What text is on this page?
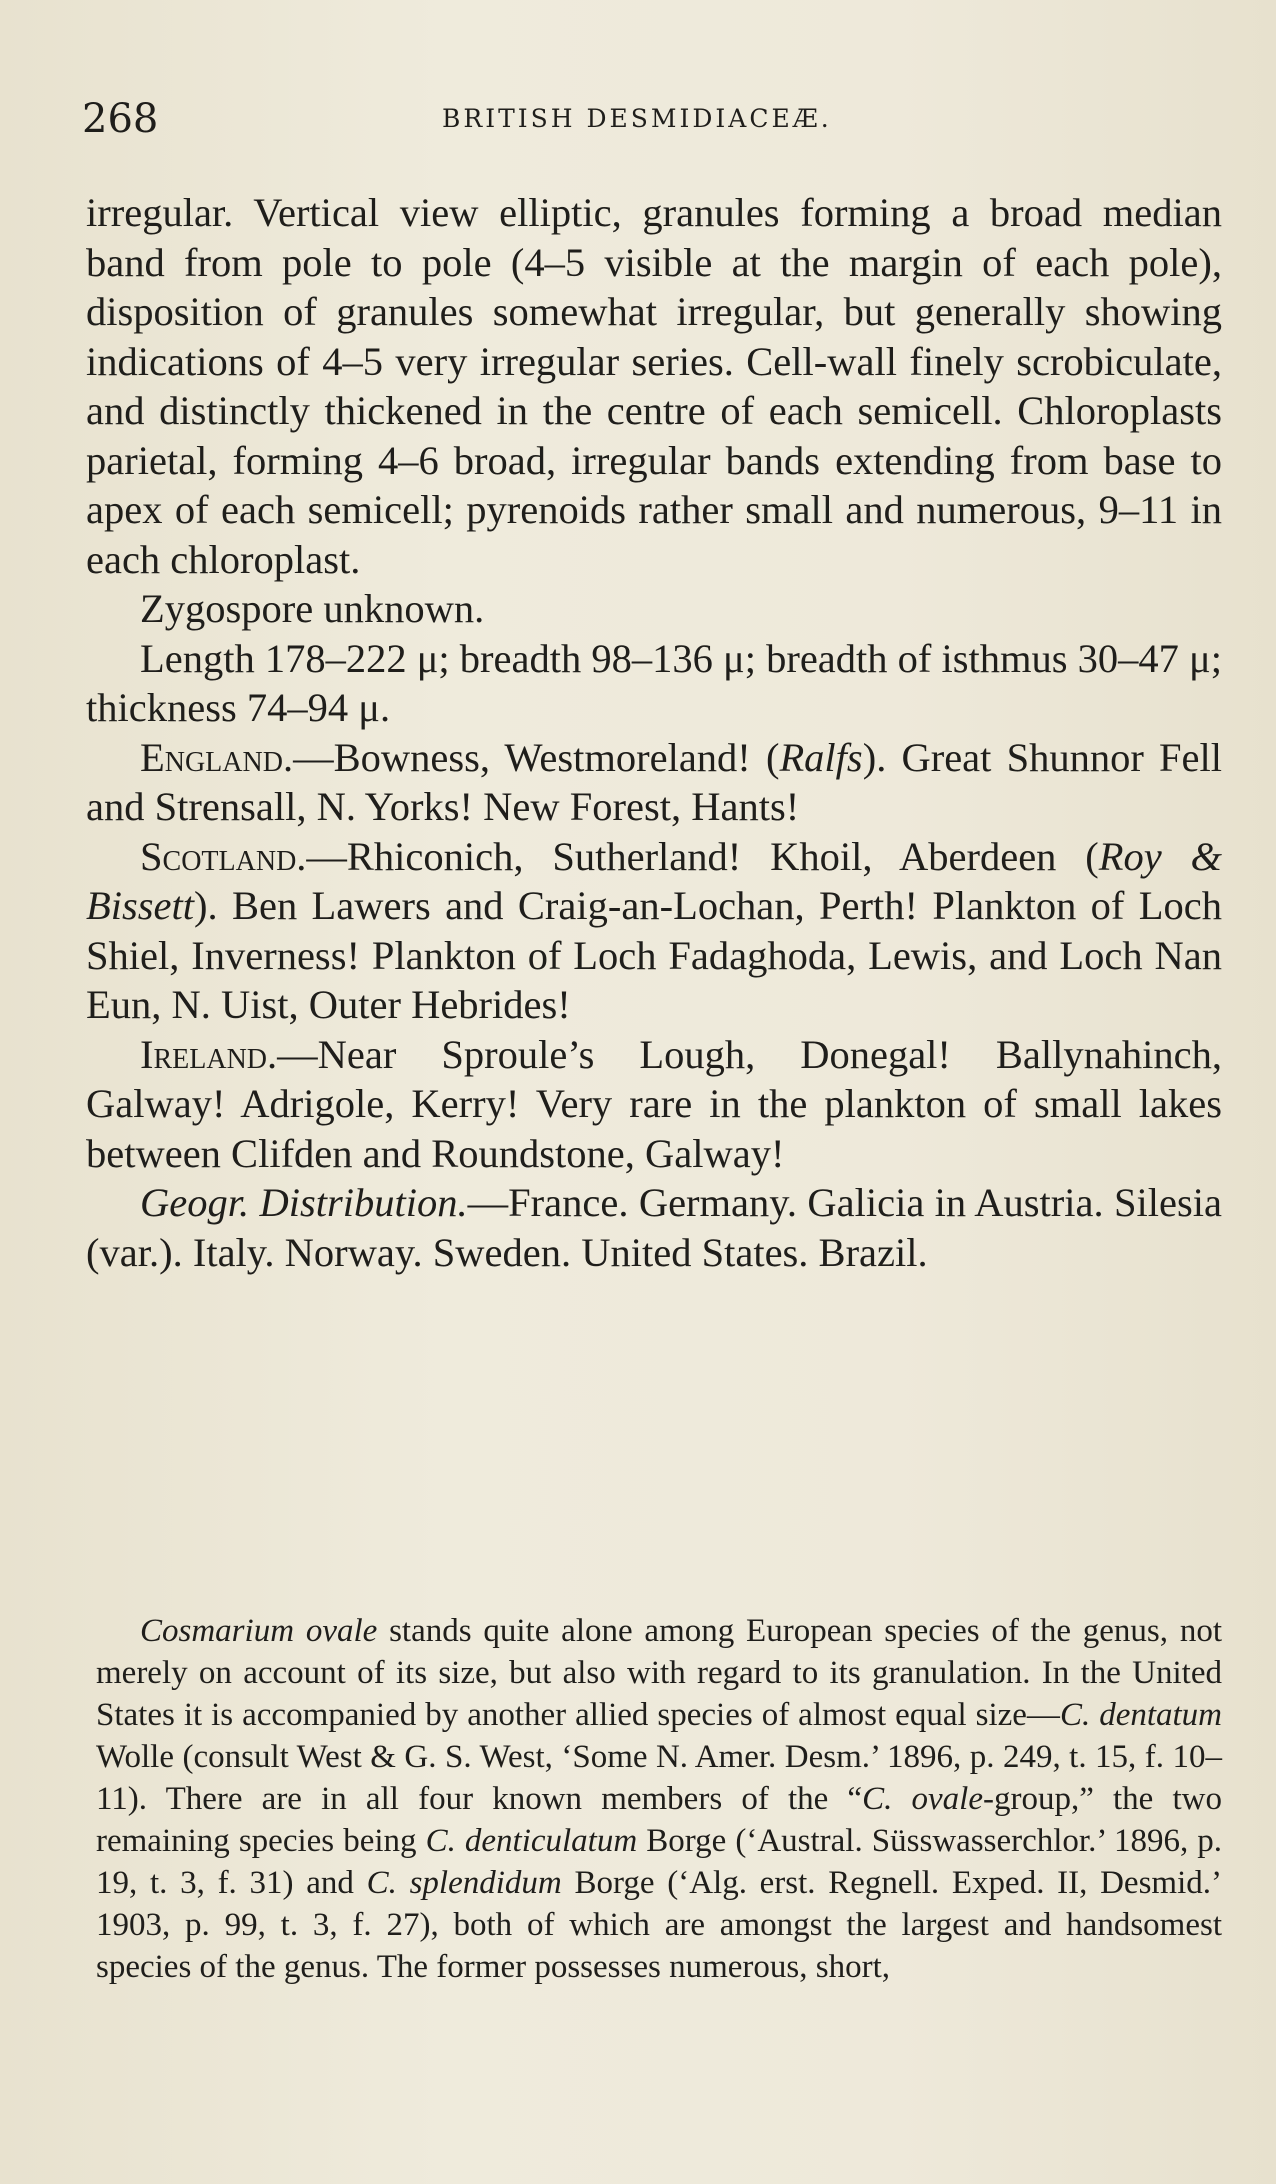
268	BRITISH DESMIDIACEÆ.

irregular. Vertical view elliptic, granules forming a broad median band from pole to pole (4–5 visible at the margin of each pole), disposition of granules somewhat irregular, but generally showing indications of 4–5 very irregular series. Cell-wall finely scrobiculate, and distinctly thickened in the centre of each semicell. Chloroplasts parietal, forming 4–6 broad, irregular bands extending from base to apex of each semicell; pyrenoids rather small and numerous, 9–11 in each chloroplast.

Zygospore unknown.

Length 178–222 μ; breadth 98–136 μ; breadth of isthmus 30–47 μ; thickness 74–94 μ.

England.—Bowness, Westmoreland! (Ralfs). Great Shunnor Fell and Strensall, N. Yorks! New Forest, Hants!

Scotland.—Rhiconich, Sutherland! Khoil, Aberdeen (Roy & Bissett). Ben Lawers and Craig-an-Lochan, Perth! Plankton of Loch Shiel, Inverness! Plankton of Loch Fadaghoda, Lewis, and Loch Nan Eun, N. Uist, Outer Hebrides!

Ireland.—Near Sproule’s Lough, Donegal! Ballynahinch, Galway! Adrigole, Kerry! Very rare in the plankton of small lakes between Clifden and Roundstone, Galway!

Geogr. Distribution.—France. Germany. Galicia in Austria. Silesia (var.). Italy. Norway. Sweden. United States. Brazil.

Cosmarium ovale stands quite alone among European species of the genus, not merely on account of its size, but also with regard to its granulation. In the United States it is accompanied by another allied species of almost equal size—C. dentatum Wolle (consult West & G. S. West, ‘Some N. Amer. Desm.’ 1896, p. 249, t. 15, f. 10–11). There are in all four known members of the “C. ovale-group,” the two remaining species being C. denticulatum Borge (‘Austral. Süsswasserchlor.’ 1896, p. 19, t. 3, f. 31) and C. splendidum Borge (‘Alg. erst. Regnell. Exped. II, Desmid.’ 1903, p. 99, t. 3, f. 27), both of which are amongst the largest and handsomest species of the genus. The former possesses numerous, short,
